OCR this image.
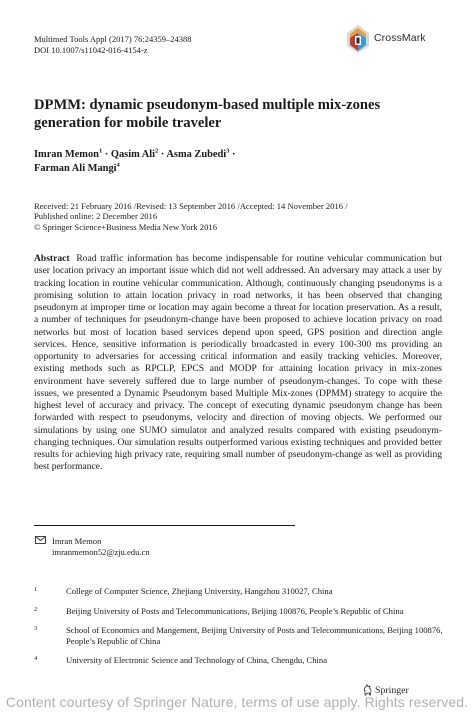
Multimed Tools Appl (2017) 76:24359–24388
DOI 10.1007/s11042-016-4154-z
CrossMark
DPMM: dynamic pseudonym-based multiple mix-zones generation for mobile traveler
Imran Memon$^1$ · Qasim Ali$^2$ · Asma Zubedi$^3$ ·
Farman Ali Mangi$^4$
Received: 21 February 2016 /Revised: 13 September 2016 /Accepted: 14 November 2016 /
Published online: 2 December 2016
© Springer Science+Business Media New York 2016
Abstract Road traffic information has become indispensable for routine vehicular communication but user location privacy an important issue which did not well addressed. An adversary may attack a user by tracking location in routine vehicular communication. Although, continuously changing pseudonyms is a promising solution to attain location privacy in road networks, it has been observed that changing pseudonym at improper time or location may again become a threat for location preservation. As a result, a number of techniques for pseudonym-change have been proposed to achieve location privacy on road networks but most of location based services depend upon speed, GPS position and direction angle services. Hence, sensitive information is periodically broadcasted in every 100-300 ms providing an opportunity to adversaries for accessing critical information and easily tracking vehicles. Moreover, existing methods such as RPCLP, EPCS and MODP for attaining location privacy in mix-zones environment have severely suffered due to large number of pseudonym-changes. To cope with these issues, we presented a Dynamic Pseudonym based Multiple Mix-zones (DPMM) strategy to acquire the highest level of accuracy and privacy. The concept of executing dynamic pseudonym change has been forwarded with respect to pseudonyms, velocity and direction of moving objects. We performed our simulations by using one SUMO simulator and analyzed results compared with existing pseudonym-changing techniques. Our simulation results outperformed various existing techniques and provided better results for achieving high privacy rate, requiring small number of pseudonym-change as well as providing best performance.
Imran Memon
imranmemon52@zju.edu.cn
1	College of Computer Science, Zhejiang University, Hangzhou 310027, China
2	Beijing University of Posts and Telecommunications, Beijing 100876, People’s Republic of China
3	School of Economics and Mangement, Beijing University of Posts and Telecommunications, Beijing 100876, People’s Republic of China
4	University of Electronic Science and Technology of China, Chengdu, China
Springer
Content courtesy of Springer Nature, terms of use apply. Rights reserved.
